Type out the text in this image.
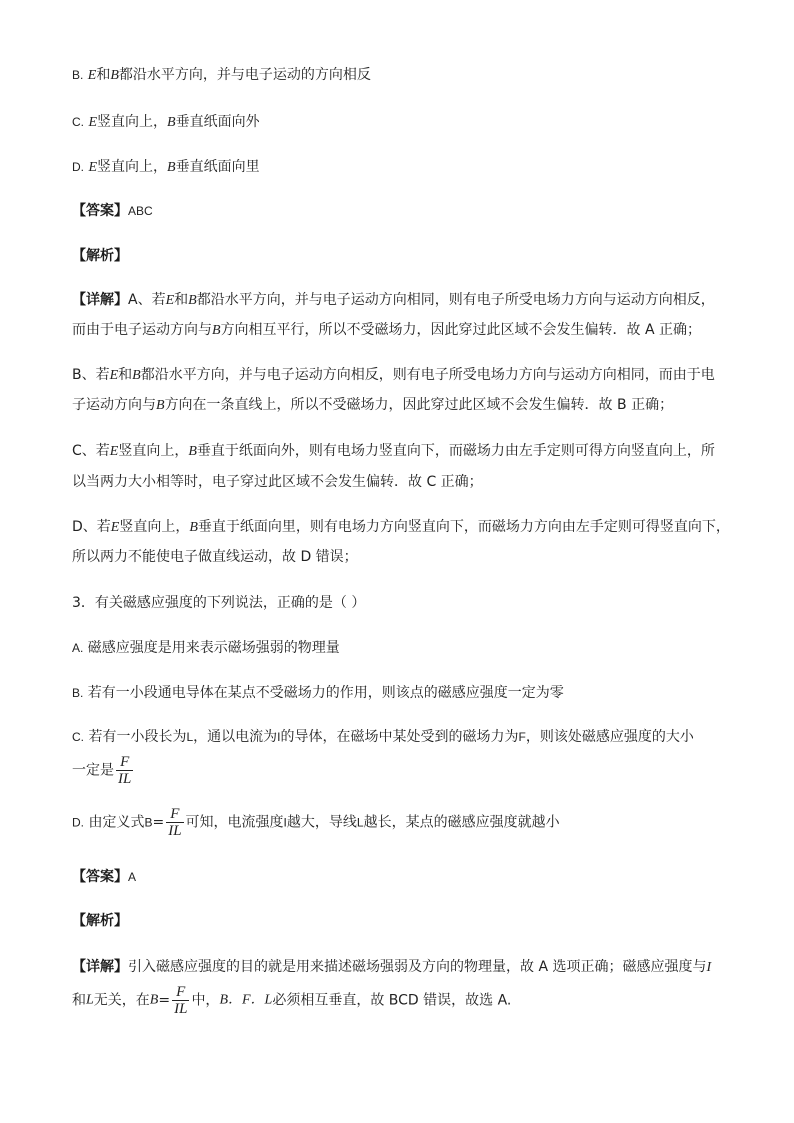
B. E和B都沿水平方向，并与电子运动的方向相反
C. E竖直向上，B垂直纸面向外
D. E竖直向上，B垂直纸面向里
【答案】ABC
【解析】
【详解】A、若E和B都沿水平方向，并与电子运动方向相同，则有电子所受电场力方向与运动方向相反，
而由于电子运动方向与B方向相互平行，所以不受磁场力，因此穿过此区域不会发生偏转．故 A 正确；
B、若E和B都沿水平方向，并与电子运动方向相反，则有电子所受电场力方向与运动方向相同，而由于电
子运动方向与B方向在一条直线上，所以不受磁场力，因此穿过此区域不会发生偏转．故 B 正确；
C、若E竖直向上，B垂直于纸面向外，则有电场力竖直向下，而磁场力由左手定则可得方向竖直向上，所
以当两力大小相等时，电子穿过此区域不会发生偏转．故 C 正确；
D、若E竖直向上，B垂直于纸面向里，则有电场力方向竖直向下，而磁场力方向由左手定则可得竖直向下，
所以两力不能使电子做直线运动，故 D 错误；
3．有关磁感应强度的下列说法，正确的是（ ）
A. 磁感应强度是用来表示磁场强弱的物理量
B. 若有一小段通电导体在某点不受磁场力的作用，则该点的磁感应强度一定为零
C. 若有一小段长为L，通以电流为I的导体，在磁场中某处受到的磁场力为F，则该处磁感应强度的大小
一定是 $\frac{F}{IL}$
D. 由定义式$B= \frac{F}{IL}$ 可知，电流强度I越大，导线L越长，某点的磁感应强度就越小
【答案】A
【解析】
【详解】引入磁感应强度的目的就是用来描述磁场强弱及方向的物理量，故 A 选项正确；磁感应强度与I
和L无关，在$B= \frac{F}{IL}$ 中，B．F．L必须相互垂直，故 BCD 错误，故选 A.
